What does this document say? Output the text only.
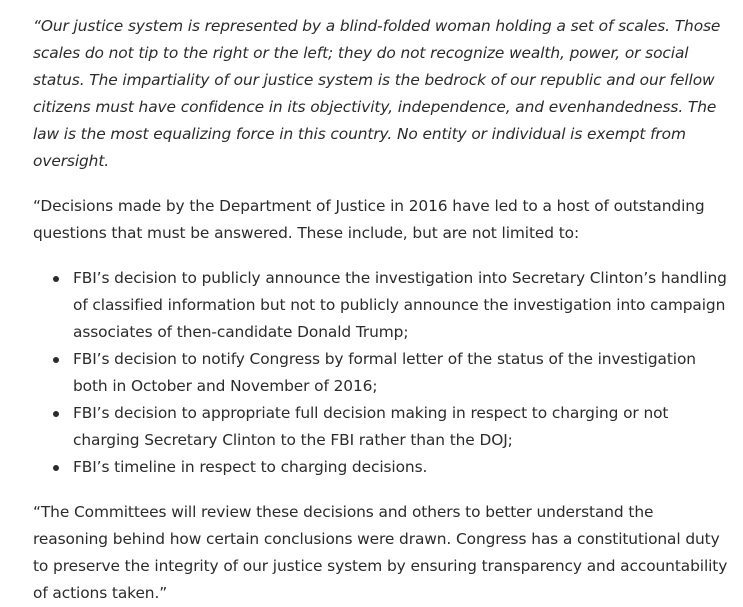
“Our justice system is represented by a blind-folded woman holding a set of scales. Those scales do not tip to the right or the left; they do not recognize wealth, power, or social status. The impartiality of our justice system is the bedrock of our republic and our fellow citizens must have confidence in its objectivity, independence, and evenhandedness. The law is the most equalizing force in this country. No entity or individual is exempt from oversight.

“Decisions made by the Department of Justice in 2016 have led to a host of outstanding questions that must be answered. These include, but are not limited to:

FBI’s decision to publicly announce the investigation into Secretary Clinton’s handling of classified information but not to publicly announce the investigation into campaign associates of then-candidate Donald Trump;
FBI’s decision to notify Congress by formal letter of the status of the investigation both in October and November of 2016;
FBI’s decision to appropriate full decision making in respect to charging or not charging Secretary Clinton to the FBI rather than the DOJ;
FBI’s timeline in respect to charging decisions.

“The Committees will review these decisions and others to better understand the reasoning behind how certain conclusions were drawn. Congress has a constitutional duty to preserve the integrity of our justice system by ensuring transparency and accountability of actions taken.”
